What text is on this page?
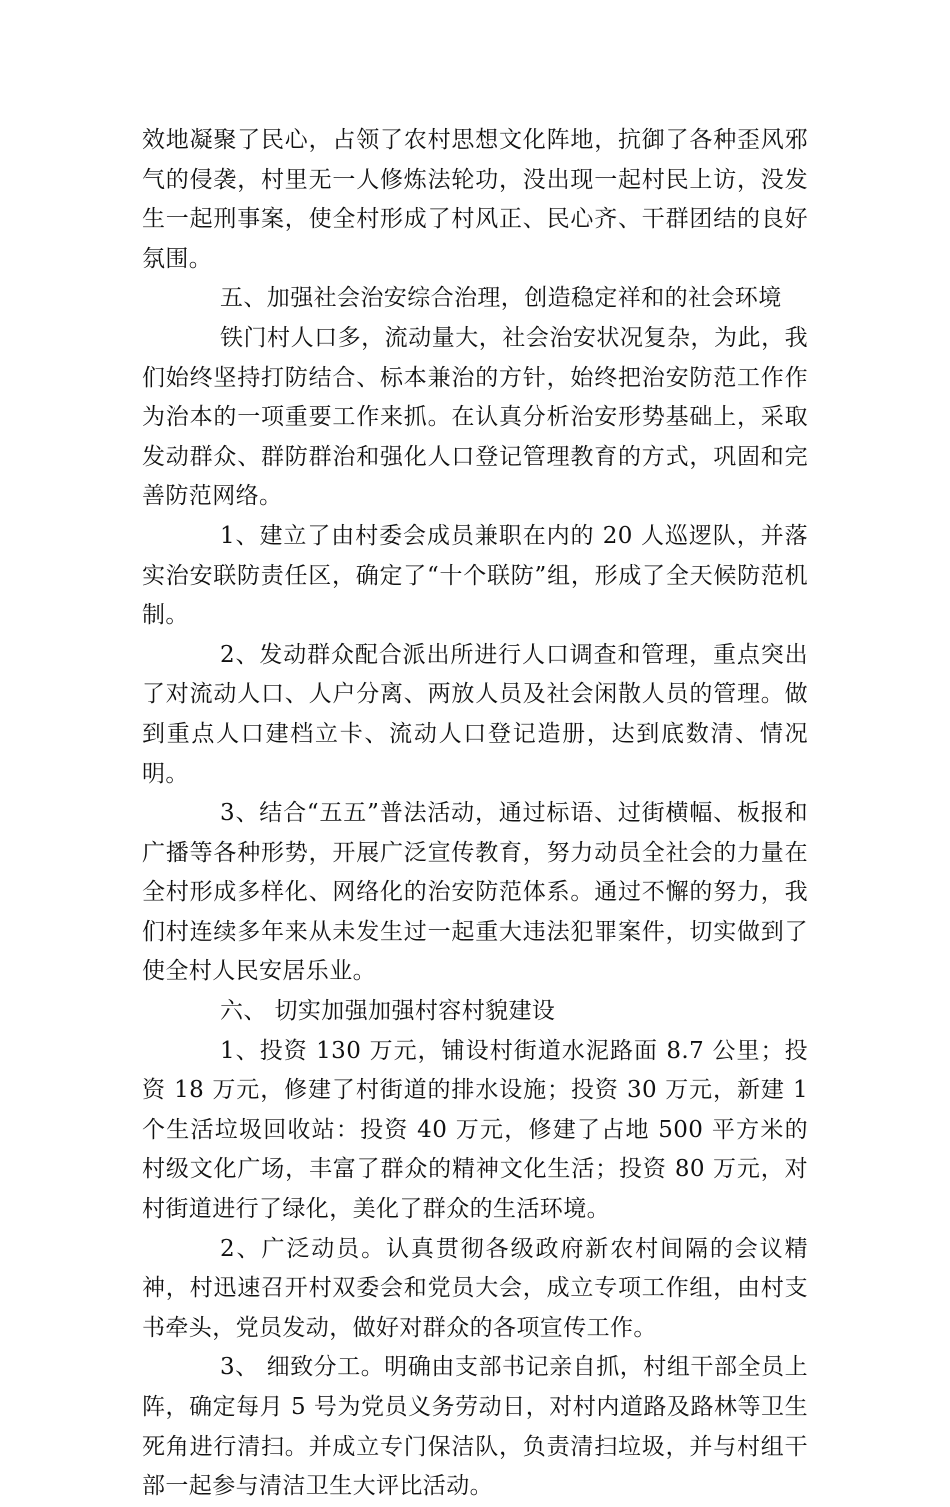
效地凝聚了民心，占领了农村思想文化阵地，抗御了各种歪风邪气的侵袭，村里无一人修炼法轮功，没出现一起村民上访，没发生一起刑事案，使全村形成了村风正、民心齐、干群团结的良好氛围。

五、加强社会治安综合治理，创造稳定祥和的社会环境

铁门村人口多，流动量大，社会治安状况复杂，为此，我们始终坚持打防结合、标本兼治的方针，始终把治安防范工作作为治本的一项重要工作来抓。在认真分析治安形势基础上，采取发动群众、群防群治和强化人口登记管理教育的方式，巩固和完善防范网络。

1、建立了由村委会成员兼职在内的 20 人巡逻队，并落实治安联防责任区，确定了“十个联防”组，形成了全天候防范机制。

2、发动群众配合派出所进行人口调查和管理，重点突出了对流动人口、人户分离、两放人员及社会闲散人员的管理。做到重点人口建档立卡、流动人口登记造册，达到底数清、情况明。

3、结合“五五”普法活动，通过标语、过街横幅、板报和广播等各种形势，开展广泛宣传教育，努力动员全社会的力量在全村形成多样化、网络化的治安防范体系。通过不懈的努力，我们村连续多年来从未发生过一起重大违法犯罪案件，切实做到了使全村人民安居乐业。

六、 切实加强加强村容村貌建设

1、投资 130 万元，铺设村街道水泥路面 8.7 公里；投资 18 万元，修建了村街道的排水设施；投资 30 万元，新建 1 个生活垃圾回收站：投资 40 万元，修建了占地 500 平方米的村级文化广场，丰富了群众的精神文化生活；投资 80 万元，对村街道进行了绿化，美化了群众的生活环境。

2、广泛动员。认真贯彻各级政府新农村间隔的会议精神，村迅速召开村双委会和党员大会，成立专项工作组，由村支书牵头，党员发动，做好对群众的各项宣传工作。

3、 细致分工。明确由支部书记亲自抓，村组干部全员上阵，确定每月 5 号为党员义务劳动日，对村内道路及路林等卫生死角进行清扫。并成立专门保洁队，负责清扫垃圾，并与村组干部一起参与清洁卫生大评比活动。
